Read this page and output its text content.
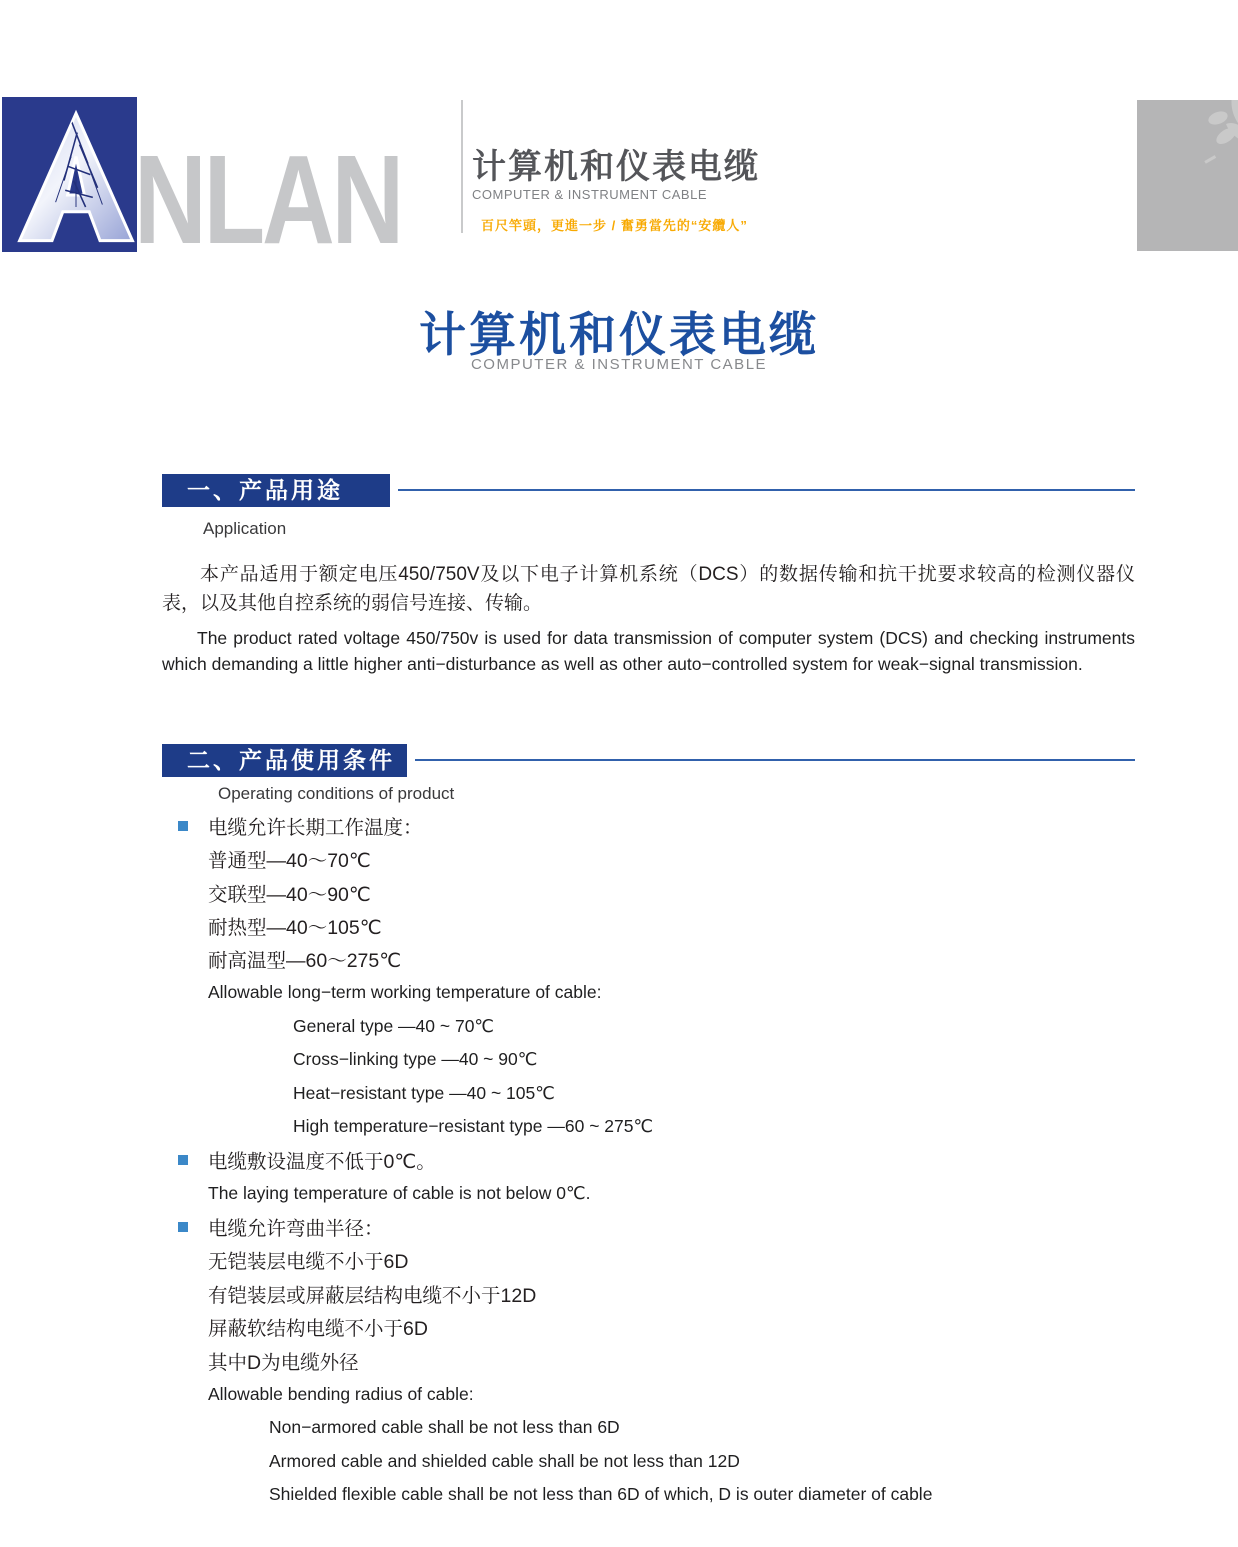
NLAN 计算机和仪表电缆
COMPUTER & INSTRUMENT CABLE
百尺竿頭，更進一步 / 奮勇當先的“安纜人”
计算机和仪表电缆
COMPUTER & INSTRUMENT CABLE
一、产品用途
Application
本产品适用于额定电压450/750V及以下电子计算机系统（DCS）的数据传输和抗干扰要求较高的检测仪器仪表，以及其他自控系统的弱信号连接、传输。
The product rated voltage 450/750v is used for data transmission of computer system (DCS) and checking instruments which demanding a little higher anti−disturbance as well as other auto−controlled system for weak−signal transmission.
二、产品使用条件
Operating conditions of product
电缆允许长期工作温度：
普通型—40～70℃
交联型—40～90℃
耐热型—40～105℃
耐高温型—60～275℃
Allowable long−term working temperature of cable:
General type —40 ~ 70℃
Cross−linking type —40 ~ 90℃
Heat−resistant type —40 ~ 105℃
High temperature−resistant type —60 ~ 275℃
电缆敷设温度不低于0℃。
The laying temperature of cable is not below 0℃.
电缆允许弯曲半径：
无铠装层电缆不小于6D
有铠装层或屏蔽层结构电缆不小于12D
屏蔽软结构电缆不小于6D
其中D为电缆外径
Allowable bending radius of cable:
Non−armored cable shall be not less than 6D
Armored cable and shielded cable shall be not less than 12D
Shielded flexible cable shall be not less than 6D of which, D is outer diameter of cable
